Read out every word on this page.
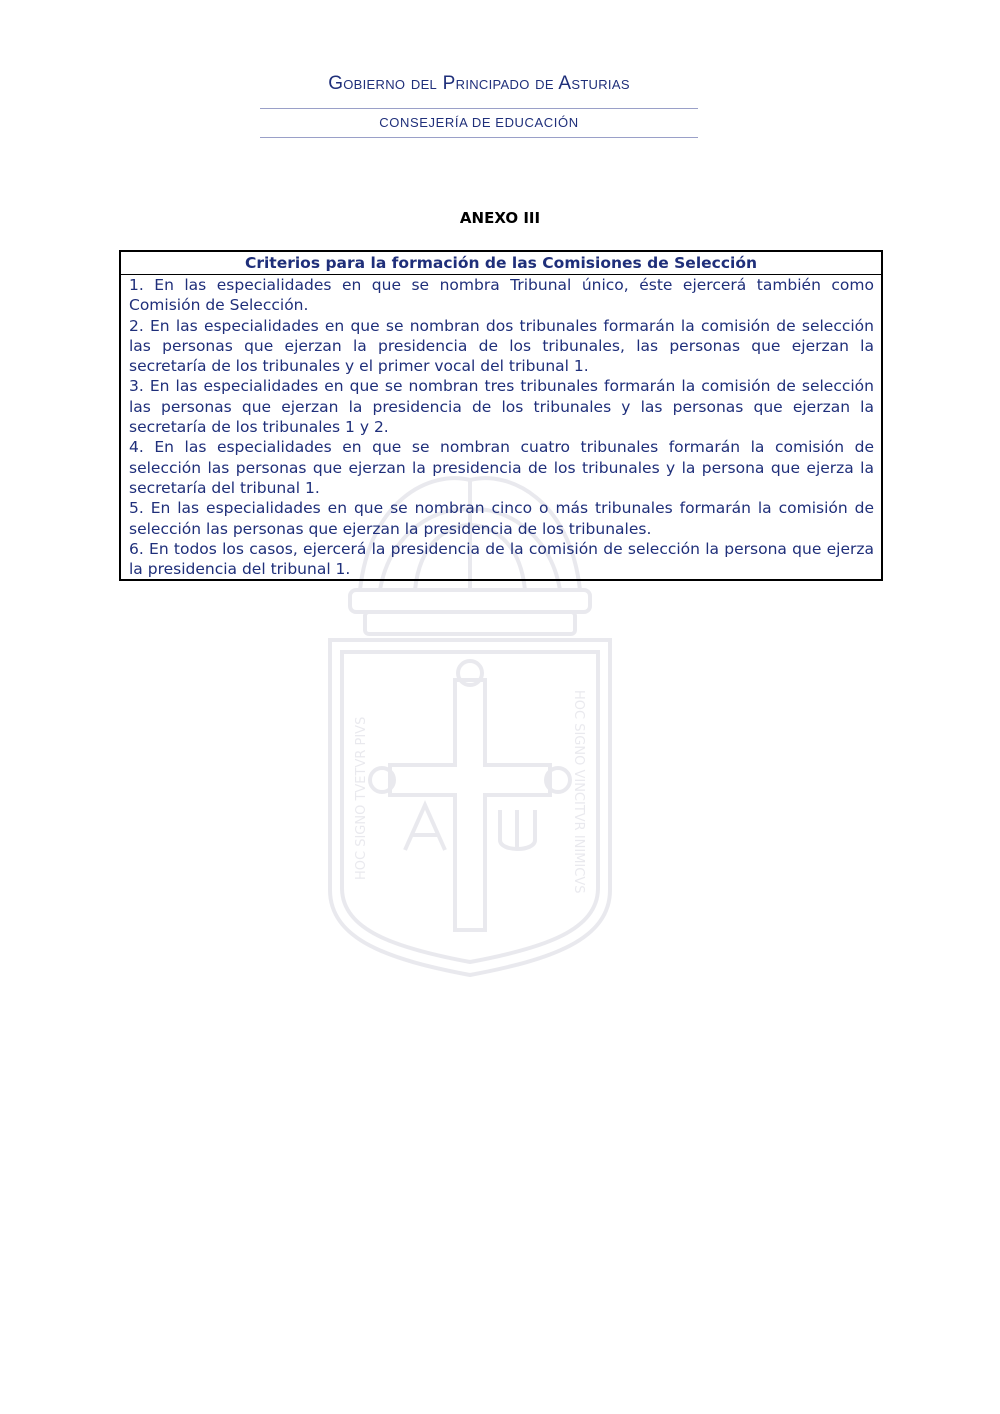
Gobierno del Principado de Asturias
CONSEJERÍA DE EDUCACIÓN
HOC SIGNO TVETVR PIVS	HOC SIGNO VINCITVR INIMICVS
ANEXO III
Criterios para la formación de las Comisiones de Selección

1. En las especialidades en que se nombra Tribunal único, éste ejercerá también como Comisión de Selección.

2. En las especialidades en que se nombran dos tribunales formarán la comisión de selección las personas que ejerzan la presidencia de los tribunales, las personas que ejerzan la secretaría de los tribunales y el primer vocal del tribunal 1.

3. En las especialidades en que se nombran tres tribunales formarán la comisión de selección las personas que ejerzan la presidencia de los tribunales y las personas que ejerzan la secretaría de los tribunales 1 y 2.

4. En las especialidades en que se nombran cuatro tribunales formarán la comisión de selección las personas que ejerzan la presidencia de los tribunales y la persona que ejerza la secretaría del tribunal 1.

5. En las especialidades en que se nombran cinco o más tribunales formarán la comisión de selección las personas que ejerzan la presidencia de los tribunales.

6. En todos los casos, ejercerá la presidencia de la comisión de selección la persona que ejerza la presidencia del tribunal 1.
